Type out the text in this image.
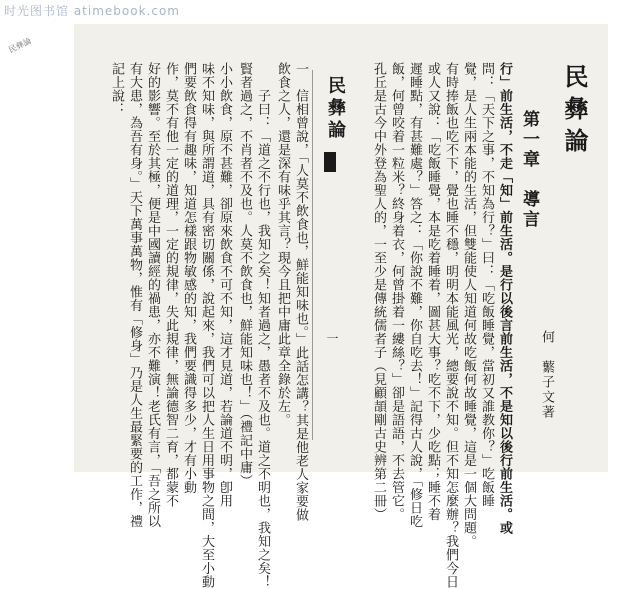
时光图书馆 atimebook.com
民彝論
民彝論
第一章　導言
何　蘩子文著
行」前生活，不走「知」前生活。是行以後言前生活，不是知以後行前生活。或
問：「天下之事，不知為行？」曰：「吃飯睡覺，當初又誰教你？」吃飯睡
覺，是人生兩本能的生活，但雙能使人知道何故吃飯何故睡覺，這是一個大問題。
有時捧飯也吃不下，覺也睡不穩，明明本能風光，總要說不知。但不知怎麼辦？我們今日
或人又說：「吃飯睡覺，本是吃着睡着，圖甚大事？吃不下，少吃點；睡不着
遲睡點，有甚難處？」答之：「你說不難，你自吃去！」記得古人說，「修日吃
飯，何曾咬着一粒米？終身着衣，何曾掛着一縷絲？」卻是語語，不去管它。
孔丘是古今中外登為聖人的，一至少是傳統儒者子（見顧頡剛古史辨第二冊）
民彝論
一
一　信相曾說，「人莫不飲食也，鮮能知味也。」此話怎講？其是他老人家要做
飲食之人，還是深有味乎其言？現今且把中庸此章全錄於左。
　　子曰：「道之不行也，我知之矣！知者過之，愚者不及也。道之不明也，我知之矣！
賢者過之，不肖者不及也。人莫不飲食也，鮮能知味也！」（禮記中庸）
小小飲食，原不甚難，卻原來飲食不可不知，這才見道，若論道不明，卽用
味不知味，與所謂道，具有密切關係，說起來，我們可以把人生日用事物之間，大至小動
們要飲食得有趣味，知道怎樣跟物敏感的知，我們要識得多少，才有小動
作，莫不有他一定的道理，一定的規律，失此規律，無論德智二育，都蒙不
好的影響。至於其極，便是中國讀經的禍患，亦不難演！老氏有言，「吾之所以
有大患，為吾有身。」天下萬事萬物，惟有「修身」乃是人生最緊要的工作，禮
記上說：
